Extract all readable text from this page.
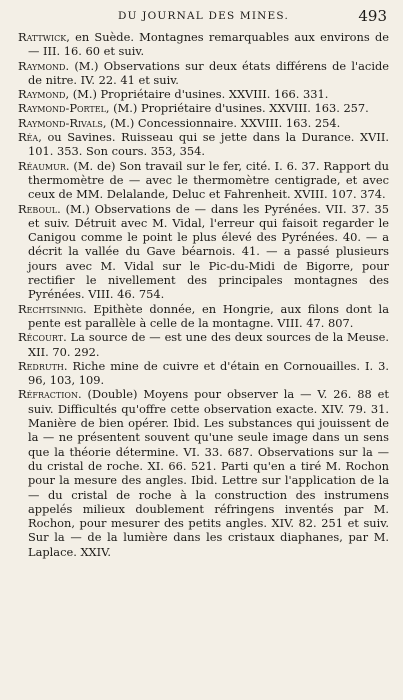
DU JOURNAL DES MINES.	493

Rattwick, en Suède. Montagnes remarquables aux environs de — III. 16. 60 et suiv.

Raymond. (M.) Observations sur deux états différens de l'acide de nitre. IV. 22. 41 et suiv.

Raymond, (M.) Propriétaire d'usines. XXVIII. 166. 331.

Raymond-Portel, (M.) Propriétaire d'usines. XXVIII. 163. 257.

Raymond-Rivals, (M.) Concessionnaire. XXVIII. 163. 254.

Réa, ou Savines. Ruisseau qui se jette dans la Durance. XVII. 101. 353. Son cours. 353, 354.

Réaumur. (M. de) Son travail sur le fer, cité. I. 6. 37. Rapport du thermomètre de — avec le thermomètre centigrade, et avec ceux de MM. Delalande, Deluc et Fahrenheit. XVIII. 107. 374.

Reboul. (M.) Observations de — dans les Pyrénées. VII. 37. 35 et suiv. Détruit avec M. Vidal, l'erreur qui faisoit regarder le Canigou comme le point le plus élevé des Pyrénées. 40. — a décrit la vallée du Gave béarnois. 41. — a passé plusieurs jours avec M. Vidal sur le Pic-du-Midi de Bigorre, pour rectifier le nivellement des principales montagnes des Pyrénées. VIII. 46. 754.

Rechtsinnig. Epithète donnée, en Hongrie, aux filons dont la pente est parallèle à celle de la montagne. VIII. 47. 807.

Récourt. La source de — est une des deux sources de la Meuse. XII. 70. 292.

Redruth. Riche mine de cuivre et d'étain en Cornouailles. I. 3. 96, 103, 109.

Réfraction. (Double) Moyens pour observer la — V. 26. 88 et suiv. Difficultés qu'offre cette observation exacte. XIV. 79. 31. Manière de bien opérer. Ibid. Les substances qui jouissent de la — ne présentent souvent qu'une seule image dans un sens que la théorie détermine. VI. 33. 687. Observations sur la — du cristal de roche. XI. 66. 521. Parti qu'en a tiré M. Rochon pour la mesure des angles. Ibid. Lettre sur l'application de la — du cristal de roche à la construction des instrumens appelés milieux doublement réfringens inventés par M. Rochon, pour mesurer des petits angles. XIV. 82. 251 et suiv. Sur la — de la lumière dans les cristaux diaphanes, par M. Laplace. XXIV.
